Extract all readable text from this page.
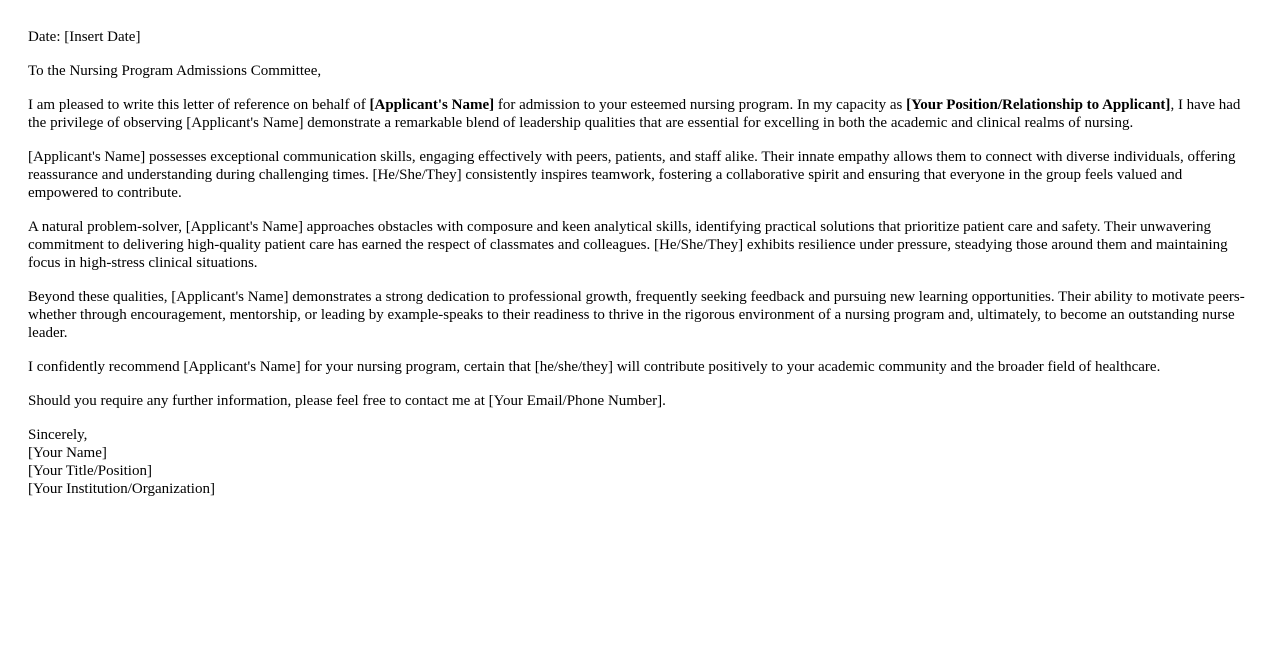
Date: [Insert Date]

To the Nursing Program Admissions Committee,

I am pleased to write this letter of reference on behalf of [Applicant's Name] for admission to your esteemed nursing program. In my capacity as [Your Position/Relationship to Applicant], I have had the privilege of observing [Applicant's Name] demonstrate a remarkable blend of leadership qualities that are essential for excelling in both the academic and clinical realms of nursing.

[Applicant's Name] possesses exceptional communication skills, engaging effectively with peers, patients, and staff alike. Their innate empathy allows them to connect with diverse individuals, offering reassurance and understanding during challenging times. [He/She/They] consistently inspires teamwork, fostering a collaborative spirit and ensuring that everyone in the group feels valued and empowered to contribute.

A natural problem-solver, [Applicant's Name] approaches obstacles with composure and keen analytical skills, identifying practical solutions that prioritize patient care and safety. Their unwavering commitment to delivering high-quality patient care has earned the respect of classmates and colleagues. [He/She/They] exhibits resilience under pressure, steadying those around them and maintaining focus in high-stress clinical situations.

Beyond these qualities, [Applicant's Name] demonstrates a strong dedication to professional growth, frequently seeking feedback and pursuing new learning opportunities. Their ability to motivate peers-whether through encouragement, mentorship, or leading by example-speaks to their readiness to thrive in the rigorous environment of a nursing program and, ultimately, to become an outstanding nurse leader.

I confidently recommend [Applicant's Name] for your nursing program, certain that [he/she/they] will contribute positively to your academic community and the broader field of healthcare.

Should you require any further information, please feel free to contact me at [Your Email/Phone Number].

Sincerely,
[Your Name]
[Your Title/Position]
[Your Institution/Organization]
